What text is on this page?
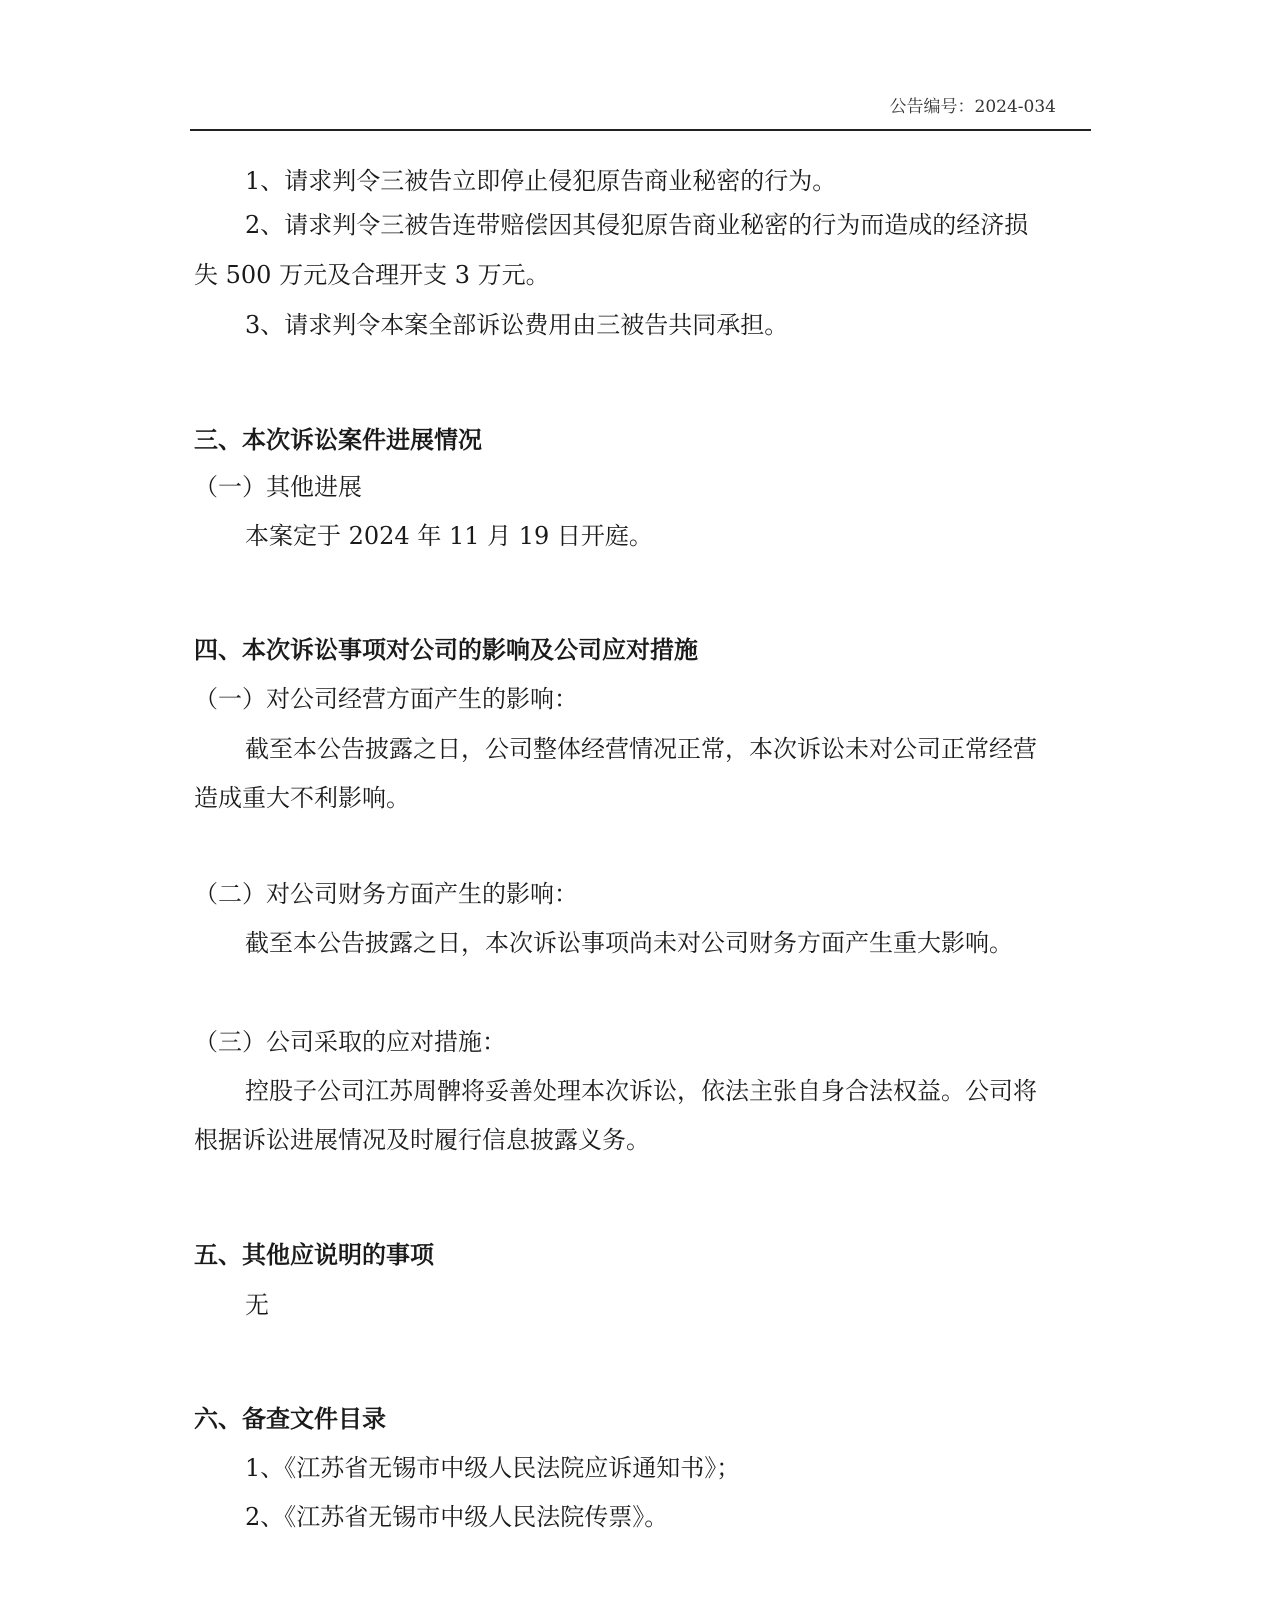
公告编号：2024-034
1、请求判令三被告立即停止侵犯原告商业秘密的行为。
2、请求判令三被告连带赔偿因其侵犯原告商业秘密的行为而造成的经济损
失 500 万元及合理开支 3 万元。
3、请求判令本案全部诉讼费用由三被告共同承担。
三、本次诉讼案件进展情况
（一）其他进展
本案定于 2024 年 11 月 19 日开庭。
四、本次诉讼事项对公司的影响及公司应对措施
（一）对公司经营方面产生的影响：
截至本公告披露之日，公司整体经营情况正常，本次诉讼未对公司正常经营
造成重大不利影响。
（二）对公司财务方面产生的影响：
截至本公告披露之日，本次诉讼事项尚未对公司财务方面产生重大影响。
（三）公司采取的应对措施：
控股子公司江苏周髀将妥善处理本次诉讼，依法主张自身合法权益。公司将
根据诉讼进展情况及时履行信息披露义务。
五、其他应说明的事项
无
六、备查文件目录
1、《江苏省无锡市中级人民法院应诉通知书》；
2、《江苏省无锡市中级人民法院传票》。
